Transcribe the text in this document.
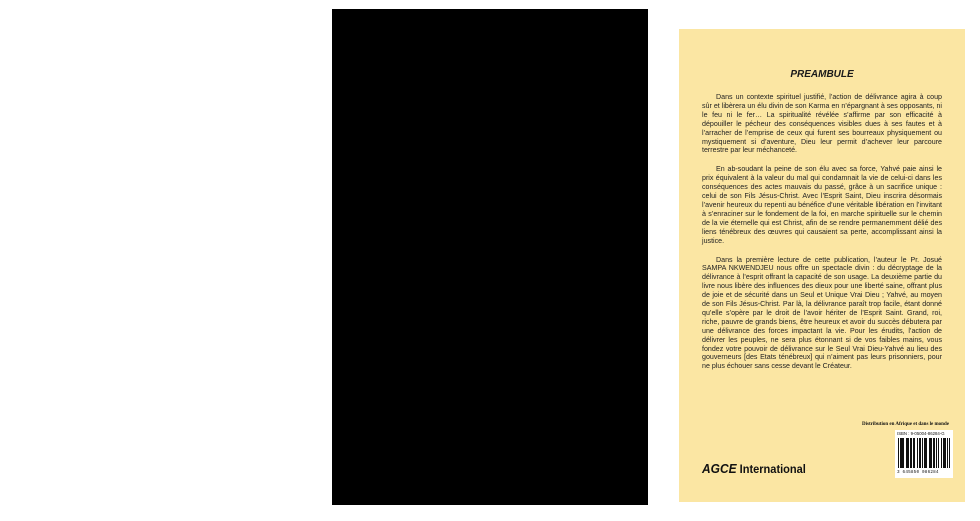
PREAMBULE

Dans un contexte spirituel justifié, l’action de délivrance agira à coup sûr et libèrera un élu divin de son Karma en n’épargnant à ses opposants, ni le feu ni le fer… La spiritualité révélée s’affirme par son efficacité à dépouiller le pécheur des conséquences visibles dues à ses fautes et à l’arracher de l’emprise de ceux qui furent ses bourreaux physiquement ou mystiquement si d’aventure, Dieu leur permit d’achever leur parcoure terrestre par leur méchanceté.

En ab-soudant la peine de son élu avec sa force, Yahvé paie ainsi le prix équivalent à la valeur du mal qui condamnait la vie de celui-ci dans les conséquences des actes mauvais du passé, grâce à un sacrifice unique : celui de son Fils Jésus-Christ. Avec l’Esprit Saint, Dieu inscrira désormais l’avenir heureux du repenti au bénéfice d’une véritable libération en l’invitant à s’enraciner sur le fondement de la foi, en marche spirituelle sur le chemin de la vie éternelle qui est Christ, afin de se rendre permanemment délié des liens ténébreux des œuvres qui causaient sa perte, accomplissant ainsi la justice.

Dans la première lecture de cette publication, l’auteur le Pr. Josué SAMPA NKWENDJEU nous offre un spectacle divin : du décryptage de la délivrance à l’esprit offrant la capacité de son usage. La deuxième partie du livre nous libère des influences des dieux pour une liberté saine, offrant plus de joie et de sécurité dans un Seul et Unique Vrai Dieu ; Yahvé, au moyen de son Fils Jésus-Christ. Par là, la délivrance paraît trop facile, étant donné qu’elle s’opère par le droit de l’avoir hériter de l’Esprit Saint. Grand, roi, riche, pauvre de grands biens, être heureux et avoir du succès débutera par une délivrance des forces impactant la vie. Pour les érudits, l’action de délivrer les peuples, ne sera plus étonnant si de vos faibles mains, vous fondez votre pouvoir de délivrance sur le Seul Vrai Dieu-Yahvé au lieu des gouverneurs [des Etats ténébreux] qui n’aiment pas leurs prisonniers, pour ne plus échouer sans cesse devant le Créateur.

Distribution en Afrique et dans le monde
ISBN : 9-05004-86284-G
3 645850 086284
AGCE International
